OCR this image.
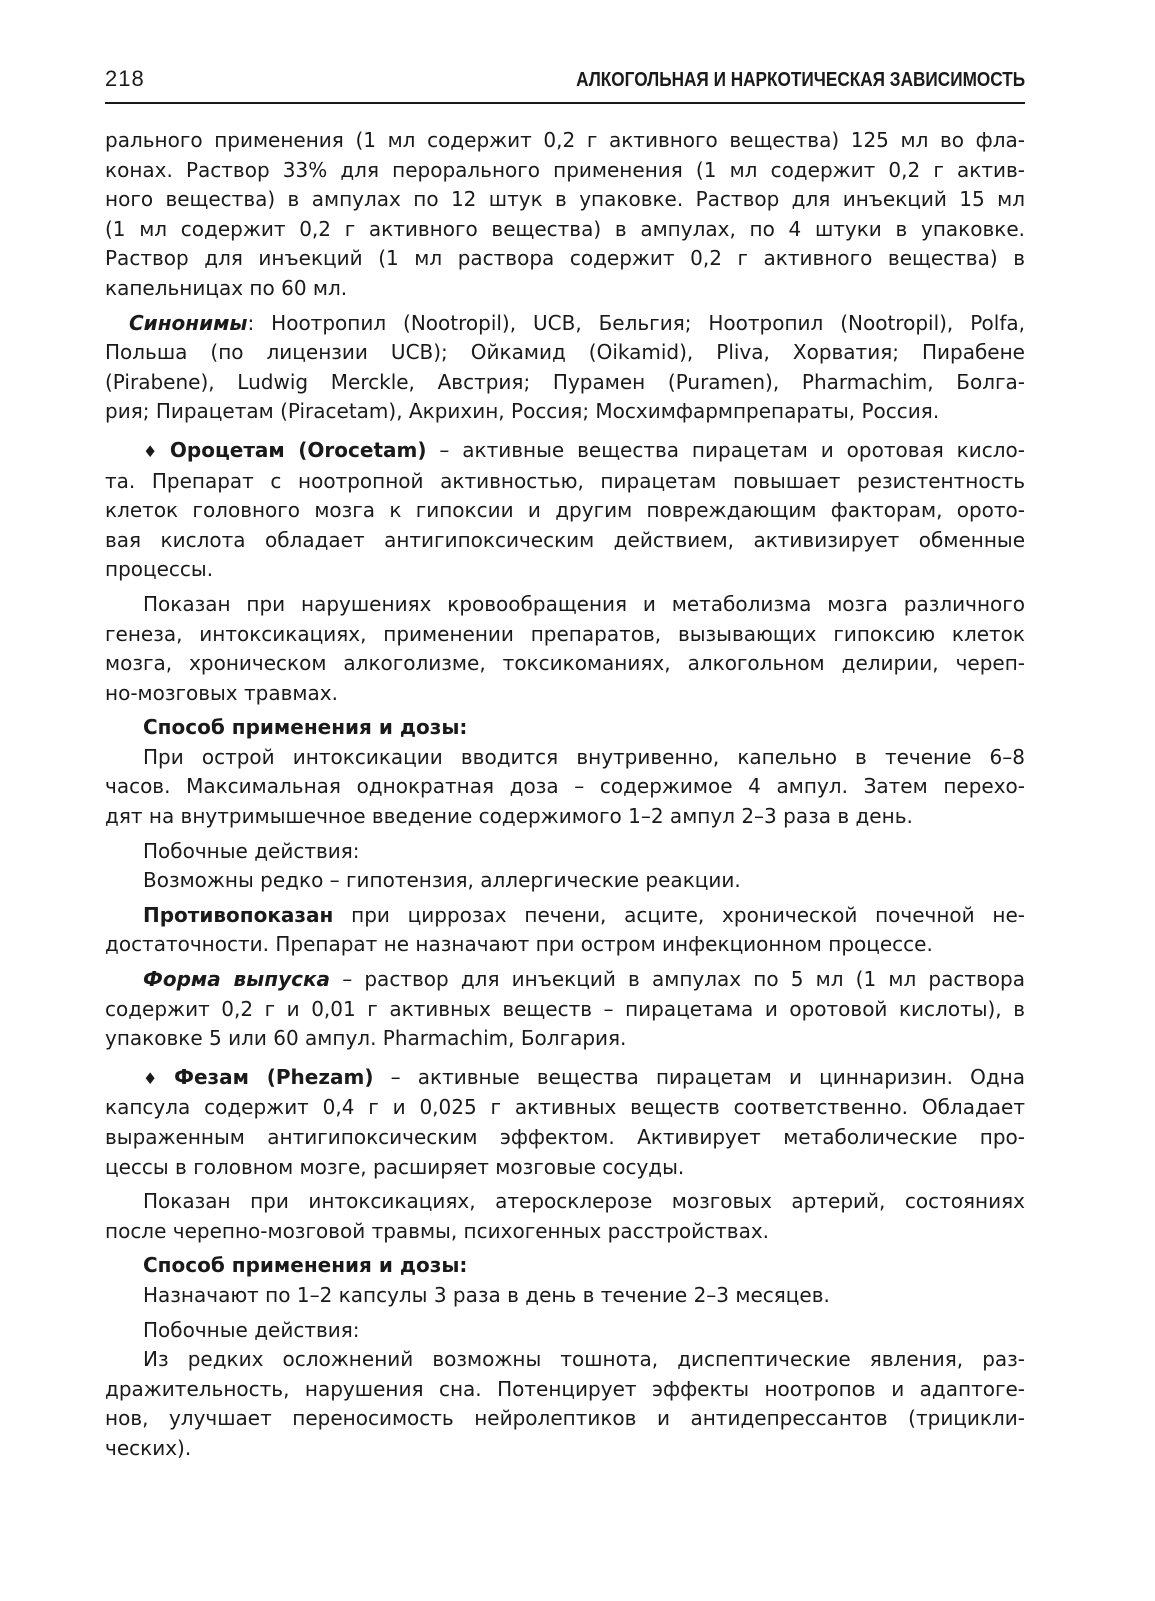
218	АЛКОГОЛЬНАЯ И НАРКОТИЧЕСКАЯ ЗАВИСИМОСТЬ
рального применения (1 мл содержит 0,2 г активного вещества) 125 мл во фла-
конах. Раствор 33% для перорального применения (1 мл содержит 0,2 г актив-
ного вещества) в ампулах по 12 штук в упаковке. Раствор для инъекций 15 мл
(1 мл содержит 0,2 г активного вещества) в ампулах, по 4 штуки в упаковке.
Раствор для инъекций (1 мл раствора содержит 0,2 г активного вещества) в
капельницах по 60 мл.
Синонимы: Ноотропил (Nootropil), UCB, Бельгия; Ноотропил (Nootropil), Polfa,
Польша (по лицензии UCB); Ойкамид (Oikamid), Pliva, Хорватия; Пирабене
(Pirabene), Ludwig Merckle, Австрия; Пурамен (Puramen), Pharmachim, Болга-
рия; Пирацетам (Piracetam), Акрихин, Россия; Мосхимфармпрепараты, Россия.
♦ Ороцетам (Orocetam) – активные вещества пирацетам и оротовая кисло-
та. Препарат с ноотропной активностью, пирацетам повышает резистентность
клеток головного мозга к гипоксии и другим повреждающим факторам, орото-
вая кислота обладает антигипоксическим действием, активизирует обменные
процессы.
Показан при нарушениях кровообращения и метаболизма мозга различного
генеза, интоксикациях, применении препаратов, вызывающих гипоксию клеток
мозга, хроническом алкоголизме, токсикоманиях, алкогольном делирии, череп-
но-мозговых травмах.
Способ применения и дозы:
При острой интоксикации вводится внутривенно, капельно в течение 6–8
часов. Максимальная однократная доза – содержимое 4 ампул. Затем перехо-
дят на внутримышечное введение содержимого 1–2 ампул 2–3 раза в день.
Побочные действия:
Возможны редко – гипотензия, аллергические реакции.
Противопоказан при циррозах печени, асците, хронической почечной не-
достаточности. Препарат не назначают при остром инфекционном процессе.
Форма выпуска – раствор для инъекций в ампулах по 5 мл (1 мл раствора
содержит 0,2 г и 0,01 г активных веществ – пирацетама и оротовой кислоты), в
упаковке 5 или 60 ампул. Pharmachim, Болгария.
♦ Фезам (Phezam) – активные вещества пирацетам и циннаризин. Одна
капсула содержит 0,4 г и 0,025 г активных веществ соответственно. Обладает
выраженным антигипоксическим эффектом. Активирует метаболические про-
цессы в головном мозге, расширяет мозговые сосуды.
Показан при интоксикациях, атеросклерозе мозговых артерий, состояниях
после черепно-мозговой травмы, психогенных расстройствах.
Способ применения и дозы:
Назначают по 1–2 капсулы 3 раза в день в течение 2–3 месяцев.
Побочные действия:
Из редких осложнений возможны тошнота, диспептические явления, раз-
дражительность, нарушения сна. Потенцирует эффекты ноотропов и адаптоге-
нов, улучшает переносимость нейролептиков и антидепрессантов (трицикли-
ческих).
